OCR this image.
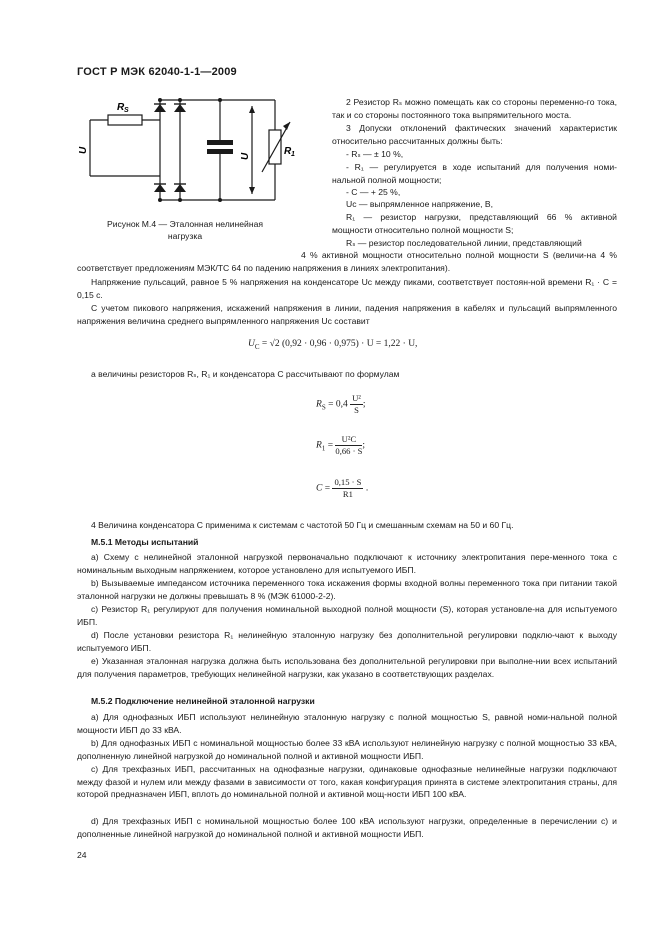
ГОСТ Р МЭК 62040-1-1—2009
R S
U
U	R 1
Рисунок М.4 — Эталонная нелинейная
нагрузка
2 Резистор Rₛ можно помещать как со стороны переменно-го тока, так и со стороны постоянного тока выпрямительного моста.
3 Допуски отклонений фактических значений характеристик относительно рассчитанных должны быть:
- Rₛ — ± 10 %,
- R₁ — регулируется в ходе испытаний для получения номи-нальной полной мощности;
- С — + 25 %,
Uᴄ — выпрямленное напряжение, В,
R₁ — резистор нагрузки, представляющий 66 % активной мощности относительно полной мощности S;
Rₛ — резистор последовательной линии, представляющий
4 % активной мощности относительно полной мощности S (величи-на 4 % соответствует предложениям МЭК/ТС 64 по падению напряжения в линиях электропитания).
Напряжение пульсаций, равное 5 % напряжения на конденсаторе Uᴄ между пиками, соответствует постоян-ной времени R₁ · С = 0,15 с.
С учетом пикового напряжения, искажений напряжения в линии, падения напряжения в кабелях и пульсаций выпрямленного напряжения величина среднего выпрямленного напряжения Uᴄ составит
$U_C = √2$ (0,92 · 0,96 · 0,975) · U = 1,22 · U,
а величины резисторов Rₛ, R₁ и конденсатора С рассчитывают по формулам
$R_S = 0,4 \frac{\text{U²}}{S}$ ;
$R_1 = \frac{\text{U²C}}{0,66 \cdot S}$ ;
$C = \frac{0,15 \cdot S}{R1}$ .
4 Величина конденсатора С применима к системам с частотой 50 Гц и смешанным схемам на 50 и 60 Гц.
М.5.1 Методы испытаний
a) Схему с нелинейной эталонной нагрузкой первоначально подключают к источнику электропитания пере-менного тока с номинальным выходным напряжением, которое установлено для испытуемого ИБП.
b) Вызываемые импедансом источника переменного тока искажения формы входной волны переменного тока при питании такой эталонной нагрузки не должны превышать 8 % (МЭК 61000-2-2).
c) Резистор R₁ регулируют для получения номинальной выходной полной мощности (S), которая установле-на для испытуемого ИБП.
d) После установки резистора R₁ нелинейную эталонную нагрузку без дополнительной регулировки подклю-чают к выходу испытуемого ИБП.
e) Указанная эталонная нагрузка должна быть использована без дополнительной регулировки при выполне-нии всех испытаний для получения параметров, требующих нелинейной нагрузки, как указано в соответствующих разделах.
М.5.2 Подключение нелинейной эталонной нагрузки
a) Для однофазных ИБП используют нелинейную эталонную нагрузку с полной мощностью S, равной номи-нальной полной мощности ИБП до 33 кВА.
b) Для однофазных ИБП с номинальной мощностью более 33 кВА используют нелинейную нагрузку с полной мощностью 33 кВА, дополненную линейной нагрузкой до номинальной полной и активной мощности ИБП.
c) Для трехфазных ИБП, рассчитанных на однофазные нагрузки, одинаковые однофазные нелинейные нагрузки подключают между фазой и нулем или между фазами в зависимости от того, какая конфигурация принята в системе электропитания страны, для которой предназначен ИБП, вплоть до номинальной полной и активной мощ-ности ИБП 100 кВА.
d) Для трехфазных ИБП с номинальной мощностью более 100 кВА используют нагрузки, определенные в перечислении с) и дополненные линейной нагрузкой до номинальной полной и активной мощности ИБП.
24
